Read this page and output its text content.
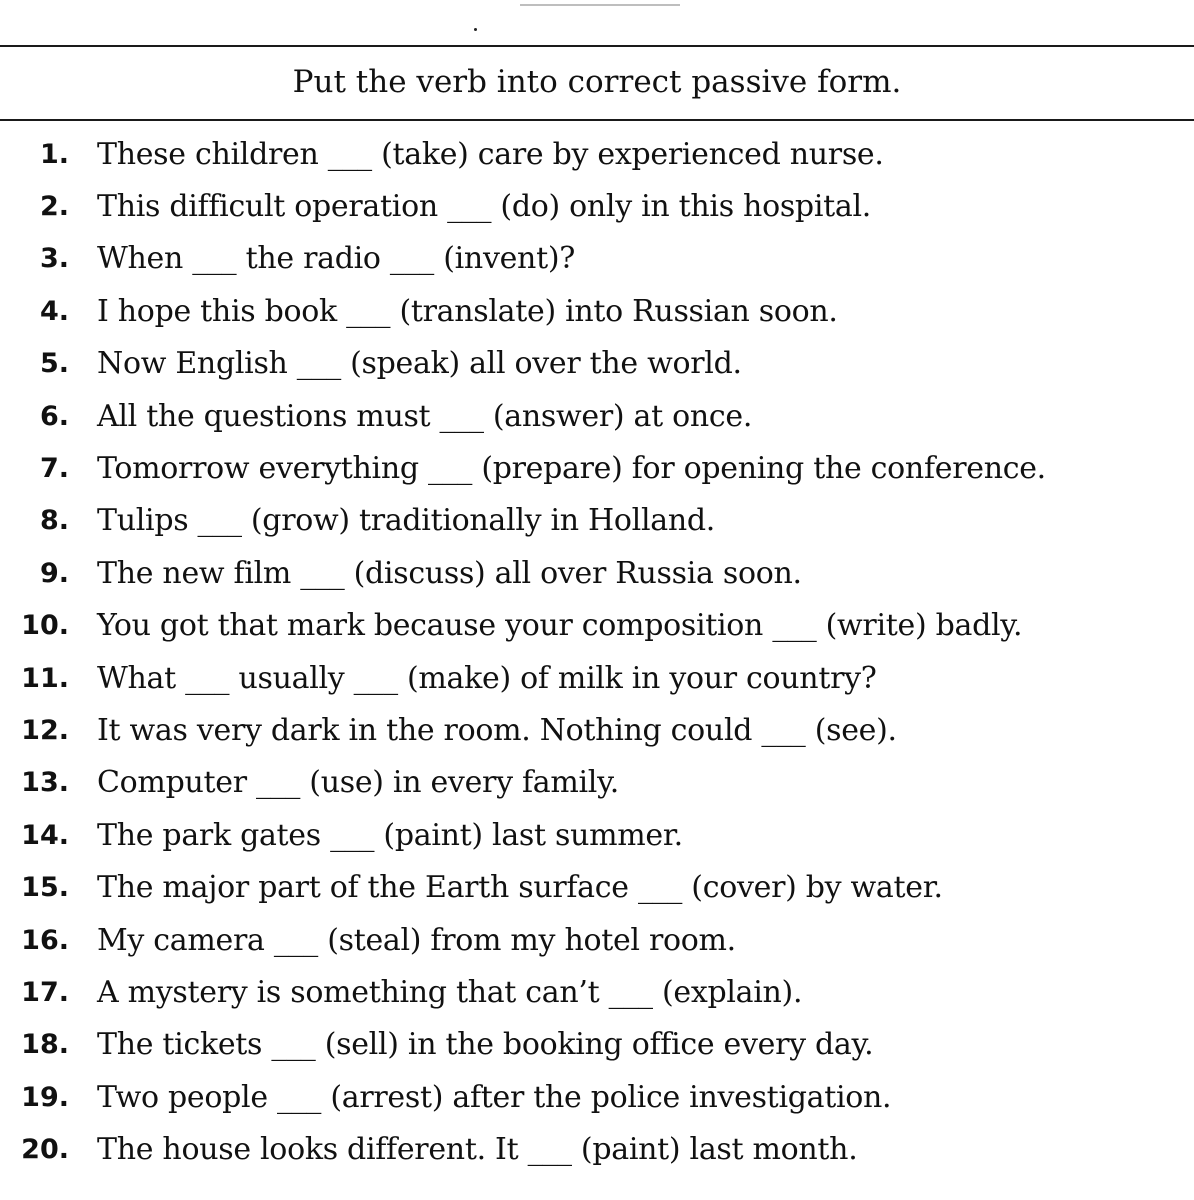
Put the verb into correct passive form.
1. These children ___ (take) care by experienced nurse.
2. This difficult operation ___ (do) only in this hospital.
3. When ___ the radio ___ (invent)?
4. I hope this book ___ (translate) into Russian soon.
5. Now English ___ (speak) all over the world.
6. All the questions must ___ (answer) at once.
7. Tomorrow everything ___ (prepare) for opening the conference.
8. Tulips ___ (grow) traditionally in Holland.
9. The new film ___ (discuss) all over Russia soon.
10. You got that mark because your composition ___ (write) badly.
11. What ___ usually ___ (make) of milk in your country?
12. It was very dark in the room. Nothing could ___ (see).
13. Computer ___ (use) in every family.
14. The park gates ___ (paint) last summer.
15. The major part of the Earth surface ___ (cover) by water.
16. My camera ___ (steal) from my hotel room.
17. A mystery is something that can’t ___ (explain).
18. The tickets ___ (sell) in the booking office every day.
19. Two people ___ (arrest) after the police investigation.
20. The house looks different. It ___ (paint) last month.
